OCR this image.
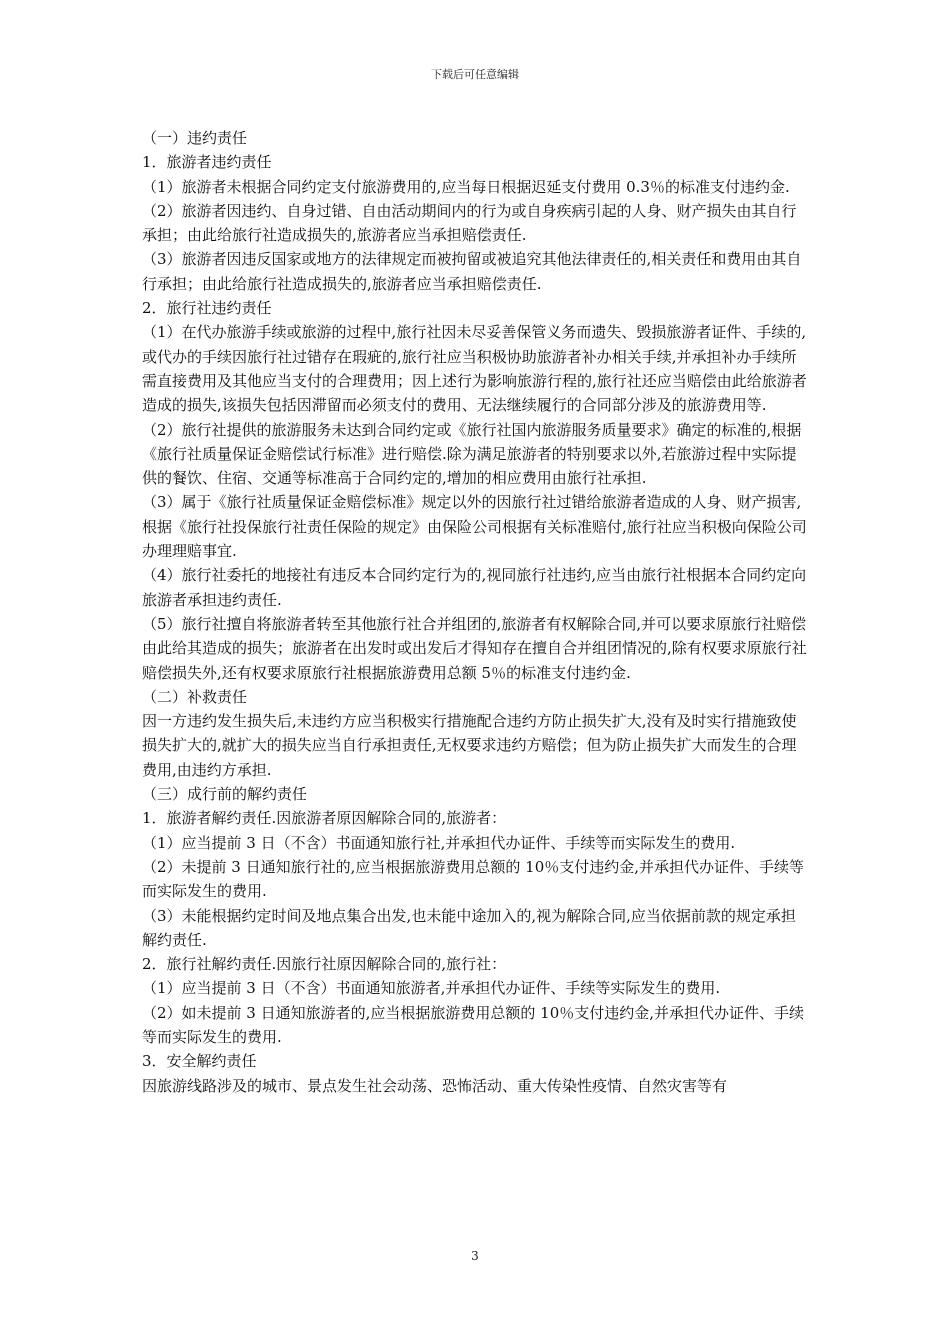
下载后可任意编辑

（一）违约责任

1．旅游者违约责任

（1）旅游者未根据合同约定支付旅游费用的,应当每日根据迟延支付费用 0.3％的标准支付违约金.

（2）旅游者因违约、自身过错、自由活动期间内的行为或自身疾病引起的人身、财产损失由其自行承担；由此给旅行社造成损失的,旅游者应当承担赔偿责任.

（3）旅游者因违反国家或地方的法律规定而被拘留或被追究其他法律责任的,相关责任和费用由其自行承担；由此给旅行社造成损失的,旅游者应当承担赔偿责任.

2．旅行社违约责任

（1）在代办旅游手续或旅游的过程中,旅行社因未尽妥善保管义务而遗失、毁损旅游者证件、手续的,或代办的手续因旅行社过错存在瑕疵的,旅行社应当积极协助旅游者补办相关手续,并承担补办手续所需直接费用及其他应当支付的合理费用；因上述行为影响旅游行程的,旅行社还应当赔偿由此给旅游者造成的损失,该损失包括因滞留而必须支付的费用、无法继续履行的合同部分涉及的旅游费用等.

（2）旅行社提供的旅游服务未达到合同约定或《旅行社国内旅游服务质量要求》确定的标准的,根据《旅行社质量保证金赔偿试行标准》进行赔偿.除为满足旅游者的特别要求以外,若旅游过程中实际提供的餐饮、住宿、交通等标准高于合同约定的,增加的相应费用由旅行社承担.

（3）属于《旅行社质量保证金赔偿标准》规定以外的因旅行社过错给旅游者造成的人身、财产损害,根据《旅行社投保旅行社责任保险的规定》由保险公司根据有关标准赔付,旅行社应当积极向保险公司办理理赔事宜.

（4）旅行社委托的地接社有违反本合同约定行为的,视同旅行社违约,应当由旅行社根据本合同约定向旅游者承担违约责任.

（5）旅行社擅自将旅游者转至其他旅行社合并组团的,旅游者有权解除合同,并可以要求原旅行社赔偿由此给其造成的损失；旅游者在出发时或出发后才得知存在擅自合并组团情况的,除有权要求原旅行社赔偿损失外,还有权要求原旅行社根据旅游费用总额 5％的标准支付违约金.

（二）补救责任

因一方违约发生损失后,未违约方应当积极实行措施配合违约方防止损失扩大,没有及时实行措施致使损失扩大的,就扩大的损失应当自行承担责任,无权要求违约方赔偿；但为防止损失扩大而发生的合理费用,由违约方承担.

（三）成行前的解约责任

1．旅游者解约责任.因旅游者原因解除合同的,旅游者：

（1）应当提前 3 日（不含）书面通知旅行社,并承担代办证件、手续等而实际发生的费用.

（2）未提前 3 日通知旅行社的,应当根据旅游费用总额的 10％支付违约金,并承担代办证件、手续等而实际发生的费用.

（3）未能根据约定时间及地点集合出发,也未能中途加入的,视为解除合同,应当依据前款的规定承担解约责任.

2．旅行社解约责任.因旅行社原因解除合同的,旅行社：

（1）应当提前 3 日（不含）书面通知旅游者,并承担代办证件、手续等实际发生的费用.

（2）如未提前 3 日通知旅游者的,应当根据旅游费用总额的 10％支付违约金,并承担代办证件、手续等而实际发生的费用.

3．安全解约责任

因旅游线路涉及的城市、景点发生社会动荡、恐怖活动、重大传染性疫情、自然灾害等有

3
